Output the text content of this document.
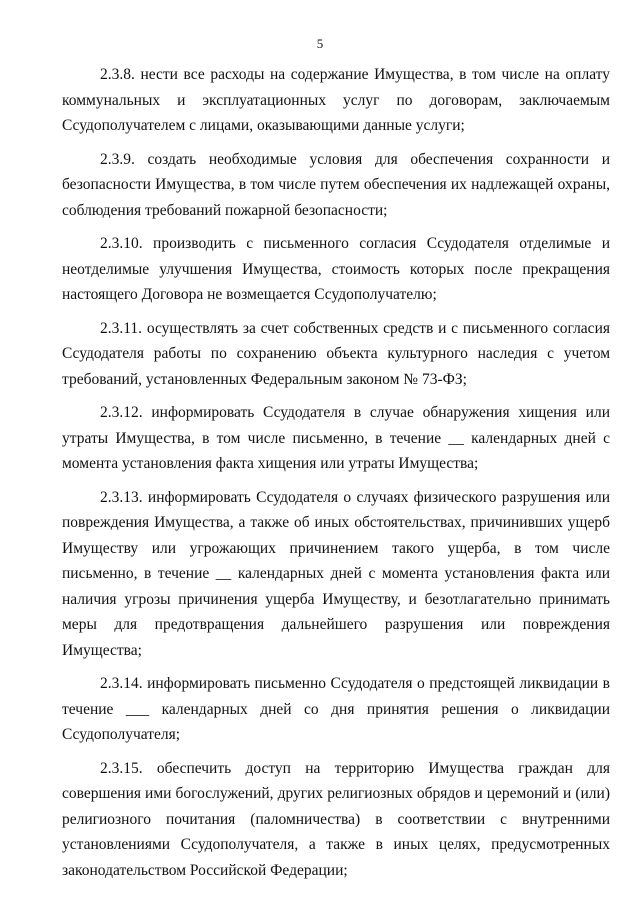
5

2.3.8. нести все расходы на содержание Имущества, в том числе на оплату коммунальных и эксплуатационных услуг по договорам, заключаемым Ссудополучателем с лицами, оказывающими данные услуги;

2.3.9. создать необходимые условия для обеспечения сохранности и безопасности Имущества, в том числе путем обеспечения их надлежащей охраны, соблюдения требований пожарной безопасности;

2.3.10. производить с письменного согласия Ссудодателя отделимые и неотделимые улучшения Имущества, стоимость которых после прекращения настоящего Договора не возмещается Ссудополучателю;

2.3.11. осуществлять за счет собственных средств и с письменного согласия Ссудодателя работы по сохранению объекта культурного наследия с учетом требований, установленных Федеральным законом № 73-ФЗ;

2.3.12. информировать Ссудодателя в случае обнаружения хищения или утраты Имущества, в том числе письменно, в течение __ календарных дней с момента установления факта хищения или утраты Имущества;

2.3.13. информировать Ссудодателя о случаях физического разрушения или повреждения Имущества, а также об иных обстоятельствах, причинивших ущерб Имуществу или угрожающих причинением такого ущерба, в том числе письменно, в течение __ календарных дней с момента установления факта или наличия угрозы причинения ущерба Имуществу, и безотлагательно принимать меры для предотвращения дальнейшего разрушения или повреждения Имущества;

2.3.14. информировать письменно Ссудодателя о предстоящей ликвидации в течение ___ календарных дней со дня принятия решения о ликвидации Ссудополучателя;

2.3.15. обеспечить доступ на территорию Имущества граждан для совершения ими богослужений, других религиозных обрядов и церемоний и (или) религиозного почитания (паломничества) в соответствии с внутренними установлениями Ссудополучателя, а также в иных целях, предусмотренных законодательством Российской Федерации;
